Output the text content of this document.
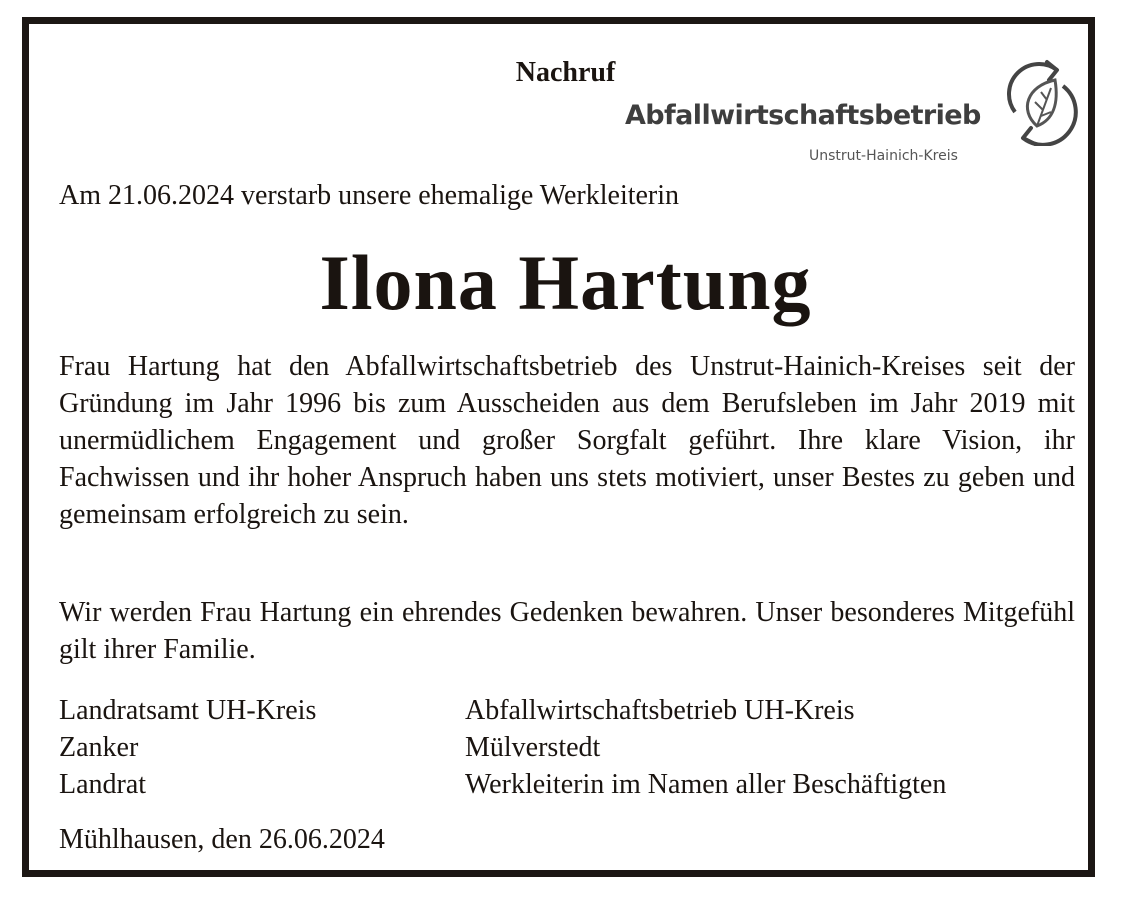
Nachruf
Abfallwirtschaftsbetrieb
Unstrut-Hainich-Kreis
Am 21.06.2024 verstarb unsere ehemalige Werkleiterin
Ilona Hartung

Frau Hartung hat den Abfallwirtschaftsbetrieb des Unstrut-Hainich-Kreises seit der Gründung im Jahr 1996 bis zum Ausscheiden aus dem Berufsleben im Jahr 2019 mit unermüdlichem Engagement und großer Sorgfalt geführt. Ihre klare Vision, ihr Fachwissen und ihr hoher Anspruch haben uns stets motiviert, unser Bestes zu geben und gemeinsam erfolgreich zu sein.

Wir werden Frau Hartung ein ehrendes Gedenken bewahren. Unser besonderes Mitgefühl gilt ihrer Familie.

Landratsamt UH-Kreis
Zanker
Landrat
Abfallwirtschaftsbetrieb UH-Kreis
Mülverstedt
Werkleiterin im Namen aller Beschäftigten
Mühlhausen, den 26.06.2024
